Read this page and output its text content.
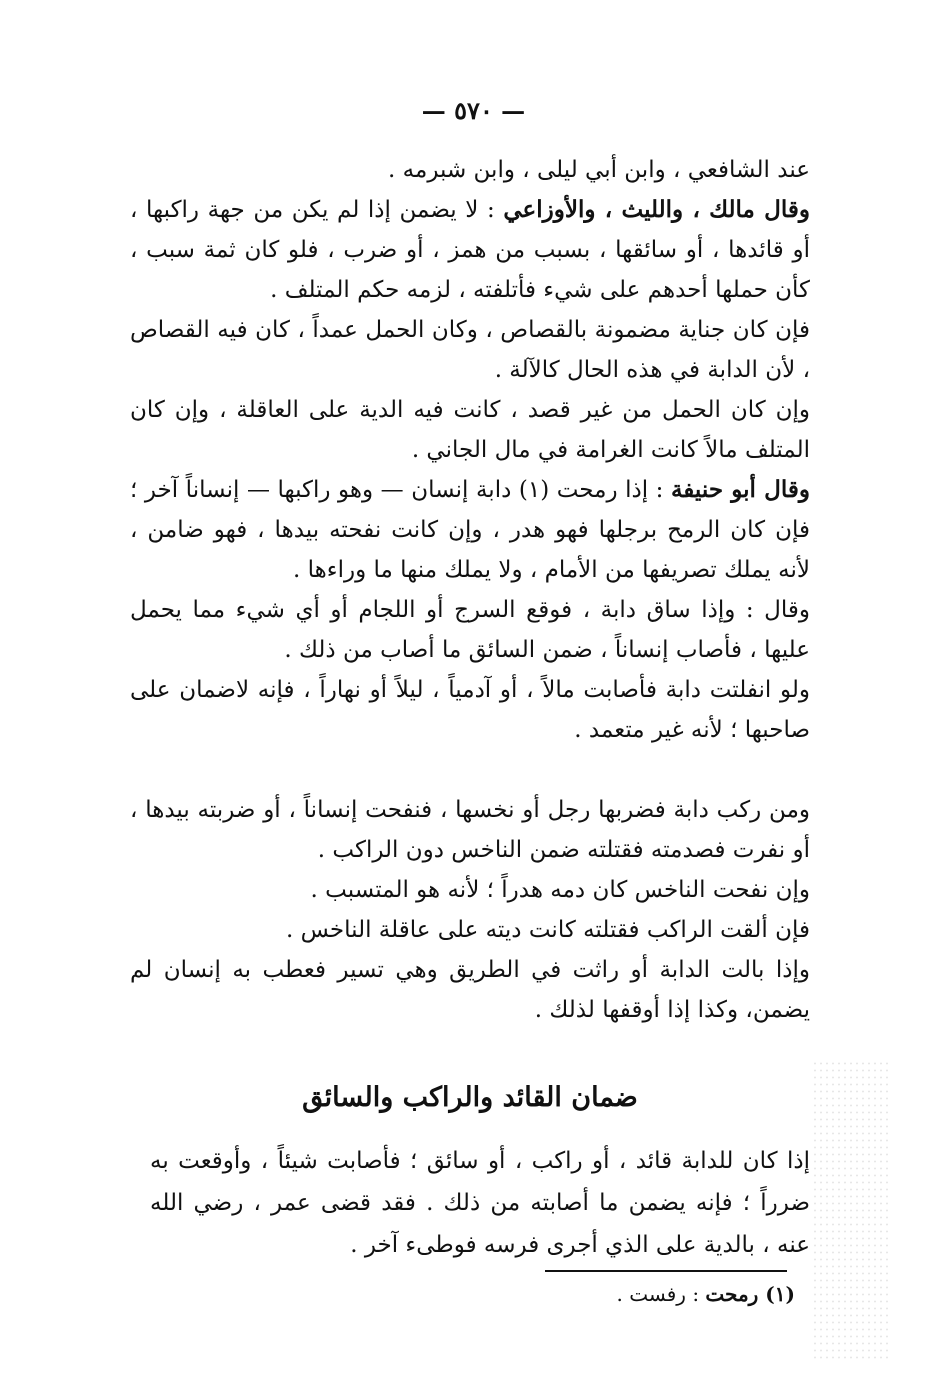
— ٥٧٠ —

عند الشافعي ، وابن أبي ليلى ، وابن شبرمه .

وقال مالك ، والليث ، والأوزاعي : لا يضمن إذا لم يكن من جهة راكبها ، أو قائدها ، أو سائقها ، بسبب من همز ، أو ضرب ، فلو كان ثمة سبب ، كأن حملها أحدهم على شيء فأتلفته ، لزمه حكم المتلف .

فإن كان جناية مضمونة بالقصاص ، وكان الحمل عمداً ، كان فيه القصاص ، لأن الدابة في هذه الحال كالآلة .

وإن كان الحمل من غير قصد ، كانت فيه الدية على العاقلة ، وإن كان المتلف مالاً كانت الغرامة في مال الجاني .

وقال أبو حنيفة : إذا رمحت (١) دابة إنسان — وهو راكبها — إنساناً آخر ؛ فإن كان الرمح برجلها فهو هدر ، وإن كانت نفحته بيدها ، فهو ضامن ، لأنه يملك تصريفها من الأمام ، ولا يملك منها ما وراءها .

وقال : وإذا ساق دابة ، فوقع السرج أو اللجام أو أي شيء مما يحمل عليها ، فأصاب إنساناً ، ضمن السائق ما أصاب من ذلك .

ولو انفلتت دابة فأصابت مالاً ، أو آدمياً ، ليلاً أو نهاراً ، فإنه لاضمان على صاحبها ؛ لأنه غير متعمد .

ومن ركب دابة فضربها رجل أو نخسها ، فنفحت إنساناً ، أو ضربته بيدها ، أو نفرت فصدمته فقتلته ضمن الناخس دون الراكب .

وإن نفحت الناخس كان دمه هدراً ؛ لأنه هو المتسبب .

فإن ألقت الراكب فقتلته كانت ديته على عاقلة الناخس .

وإذا بالت الدابة أو راثت في الطريق وهي تسير فعطب به إنسان لم يضمن، وكذا إذا أوقفها لذلك .

ضمان القائد والراكب والسائق

إذا كان للدابة قائد ، أو راكب ، أو سائق ؛ فأصابت شيئاً ، وأوقعت به ضرراً ؛ فإنه يضمن ما أصابته من ذلك . فقد قضى عمر ، رضي الله عنه ، بالدية على الذي أجرى فرسه فوطىء آخر .

(١) رمحت : رفست .
